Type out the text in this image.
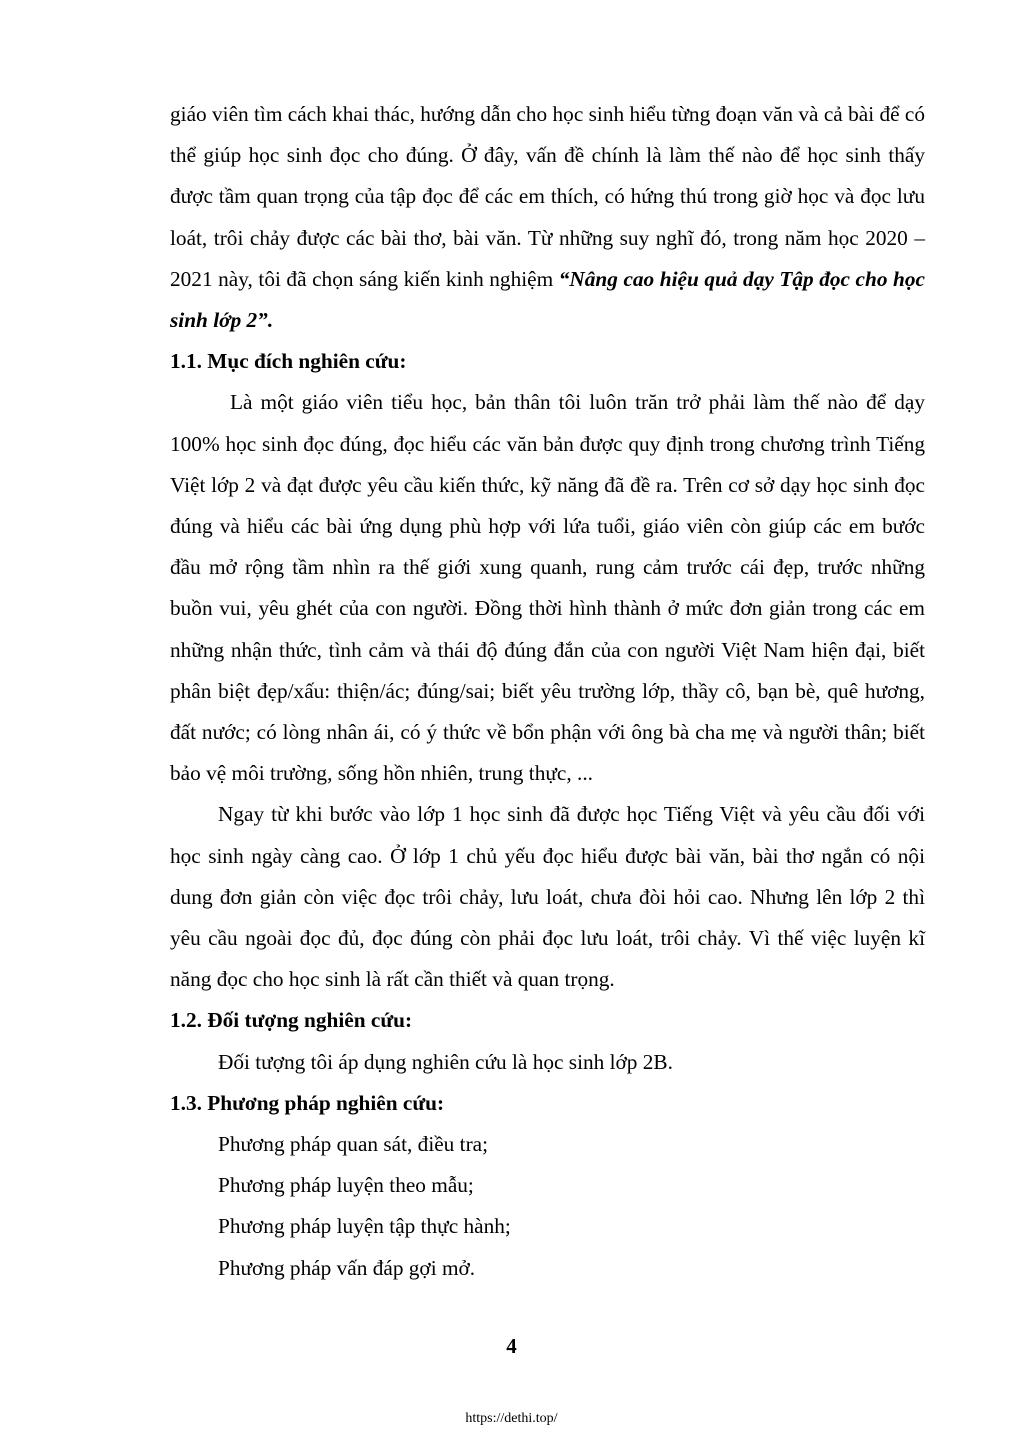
giáo viên tìm cách khai thác, hướng dẫn cho học sinh hiểu từng đoạn văn và cả bài để có thể giúp học sinh đọc cho đúng. Ở đây, vấn đề chính là làm thế nào để học sinh thấy được tầm quan trọng của tập đọc để các em thích, có hứng thú trong giờ học và đọc lưu loát, trôi chảy được các bài thơ, bài văn. Từ những suy nghĩ đó, trong năm học 2020 – 2021 này, tôi đã chọn sáng kiến kinh nghiệm “Nâng cao hiệu quả dạy Tập đọc cho học sinh lớp 2”.

1.1. Mục đích nghiên cứu:

Là một giáo viên tiểu học, bản thân tôi luôn trăn trở phải làm thế nào để dạy 100% học sinh đọc đúng, đọc hiểu các văn bản được quy định trong chương trình Tiếng Việt lớp 2 và đạt được yêu cầu kiến thức, kỹ năng đã đề ra. Trên cơ sở dạy học sinh đọc đúng và hiểu các bài ứng dụng phù hợp với lứa tuổi, giáo viên còn giúp các em bước đầu mở rộng tầm nhìn ra thế giới xung quanh, rung cảm trước cái đẹp, trước những buồn vui, yêu ghét của con người. Đồng thời hình thành ở mức đơn giản trong các em những nhận thức, tình cảm và thái độ đúng đắn của con người Việt Nam hiện đại, biết phân biệt đẹp/xấu: thiện/ác; đúng/sai; biết yêu trường lớp, thầy cô, bạn bè, quê hương, đất nước; có lòng nhân ái, có ý thức về bổn phận với ông bà cha mẹ và người thân; biết bảo vệ môi trường, sống hồn nhiên, trung thực, ...

Ngay từ khi bước vào lớp 1 học sinh đã được học Tiếng Việt và yêu cầu đối với học sinh ngày càng cao. Ở lớp 1 chủ yếu đọc hiểu được bài văn, bài thơ ngắn có nội dung đơn giản còn việc đọc trôi chảy, lưu loát, chưa đòi hỏi cao. Nhưng lên lớp 2 thì yêu cầu ngoài đọc đủ, đọc đúng còn phải đọc lưu loát, trôi chảy. Vì thế việc luyện kĩ năng đọc cho học sinh là rất cần thiết và quan trọng.

1.2. Đối tượng nghiên cứu:

Đối tượng tôi áp dụng nghiên cứu là học sinh lớp 2B.

1.3. Phương pháp nghiên cứu:

Phương pháp quan sát, điều tra;

Phương pháp luyện theo mẫu;

Phương pháp luyện tập thực hành;

Phương pháp vấn đáp gợi mở.

4
https://dethi.top/
